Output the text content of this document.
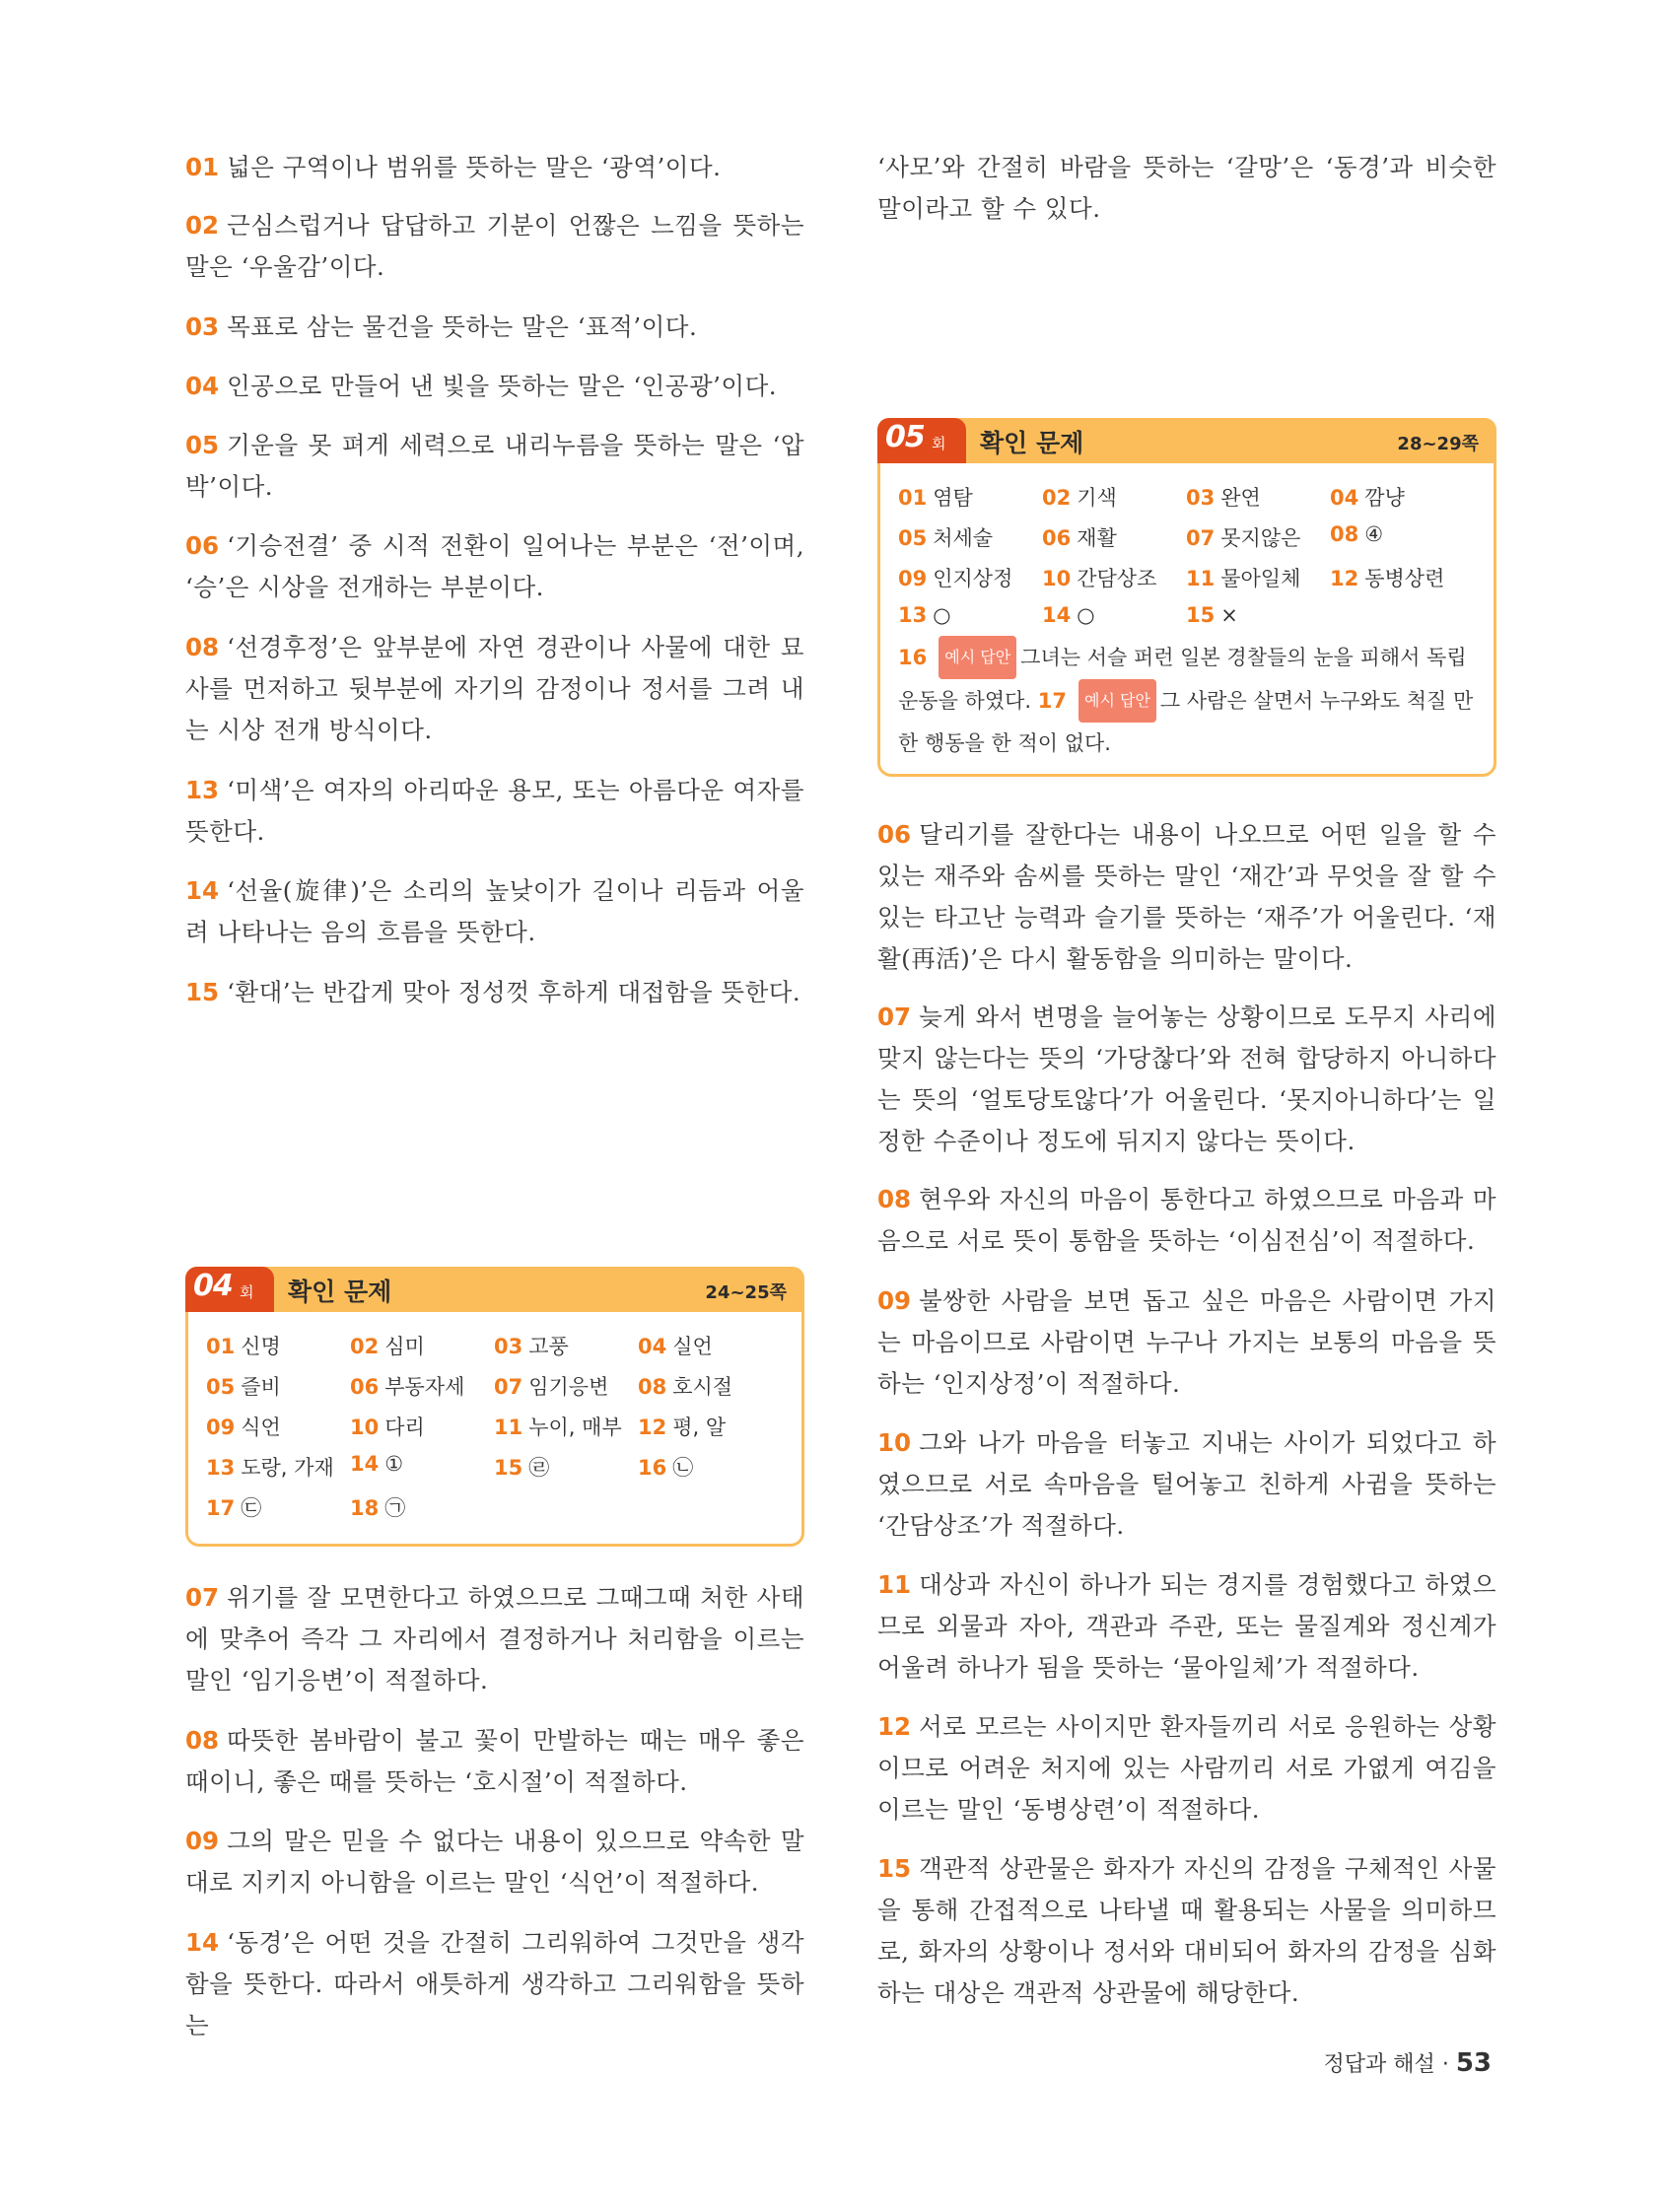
01 넓은 구역이나 범위를 뜻하는 말은 ‘광역’이다.
02 근심스럽거나 답답하고 기분이 언짢은 느낌을 뜻하는 말은 ‘우울감’이다.
03 목표로 삼는 물건을 뜻하는 말은 ‘표적’이다.
04 인공으로 만들어 낸 빛을 뜻하는 말은 ‘인공광’이다.
05 기운을 못 펴게 세력으로 내리누름을 뜻하는 말은 ‘압박’이다.
06 ‘기승전결’ 중 시적 전환이 일어나는 부분은 ‘전’이며, ‘승’은 시상을 전개하는 부분이다.
08 ‘선경후정’은 앞부분에 자연 경관이나 사물에 대한 묘사를 먼저하고 뒷부분에 자기의 감정이나 정서를 그려 내는 시상 전개 방식이다.
13 ‘미색’은 여자의 아리따운 용모, 또는 아름다운 여자를 뜻한다.
14 ‘선율(旋律)’은 소리의 높낮이가 길이나 리듬과 어울려 나타나는 음의 흐름을 뜻한다.
15 ‘환대’는 반갑게 맞아 정성껏 후하게 대접함을 뜻한다.
04 회 확인 문제	24~25쪽
01 신명	02 심미	03 고풍	04 실언
05 즐비	06 부동자세 07 임기응변 08 호시절
09 식언	10 다리	11 누이, 매부 12 평, 알
13 도랑, 가재 14 ①	15 ㉣	16 ㉡
17 ㉢	18 ㉠
07 위기를 잘 모면한다고 하였으므로 그때그때 처한 사태에 맞추어 즉각 그 자리에서 결정하거나 처리함을 이르는 말인 ‘임기응변’이 적절하다.
08 따뜻한 봄바람이 불고 꽃이 만발하는 때는 매우 좋은 때이니, 좋은 때를 뜻하는 ‘호시절’이 적절하다.
09 그의 말은 믿을 수 없다는 내용이 있으므로 약속한 말대로 지키지 아니함을 이르는 말인 ‘식언’이 적절하다.
14 ‘동경’은 어떤 것을 간절히 그리워하여 그것만을 생각함을 뜻한다. 따라서 애틋하게 생각하고 그리워함을 뜻하는
‘사모’와 간절히 바람을 뜻하는 ‘갈망’은 ‘동경’과 비슷한 말이라고 할 수 있다.
05 회 확인 문제	28~29쪽
01 염탐	02 기색	03 완연	04 깜냥
05 처세술 06 재활	07 못지않은 08 ④
09 인지상정 10 간담상조 11 물아일체 12 동병상련
13 ○	14 ○	15 ×
16 예시 답안 그녀는 서슬 퍼런 일본 경찰들의 눈을 피해서 독립 운동을 하였다. 17 예시 답안 그 사람은 살면서 누구와도 척질 만한 행동을 한 적이 없다.
06 달리기를 잘한다는 내용이 나오므로 어떤 일을 할 수 있는 재주와 솜씨를 뜻하는 말인 ‘재간’과 무엇을 잘 할 수 있는 타고난 능력과 슬기를 뜻하는 ‘재주’가 어울린다. ‘재활(再活)’은 다시 활동함을 의미하는 말이다.
07 늦게 와서 변명을 늘어놓는 상황이므로 도무지 사리에 맞지 않는다는 뜻의 ‘가당찮다’와 전혀 합당하지 아니하다는 뜻의 ‘얼토당토않다’가 어울린다. ‘못지아니하다’는 일정한 수준이나 정도에 뒤지지 않다는 뜻이다.
08 현우와 자신의 마음이 통한다고 하였으므로 마음과 마음으로 서로 뜻이 통함을 뜻하는 ‘이심전심’이 적절하다.
09 불쌍한 사람을 보면 돕고 싶은 마음은 사람이면 가지는 마음이므로 사람이면 누구나 가지는 보통의 마음을 뜻하는 ‘인지상정’이 적절하다.
10 그와 나가 마음을 터놓고 지내는 사이가 되었다고 하였으므로 서로 속마음을 털어놓고 친하게 사귐을 뜻하는 ‘간담상조’가 적절하다.
11 대상과 자신이 하나가 되는 경지를 경험했다고 하였으므로 외물과 자아, 객관과 주관, 또는 물질계와 정신계가 어울려 하나가 됨을 뜻하는 ‘물아일체’가 적절하다.
12 서로 모르는 사이지만 환자들끼리 서로 응원하는 상황이므로 어려운 처지에 있는 사람끼리 서로 가엾게 여김을 이르는 말인 ‘동병상련’이 적절하다.
15 객관적 상관물은 화자가 자신의 감정을 구체적인 사물을 통해 간접적으로 나타낼 때 활용되는 사물을 의미하므로, 화자의 상황이나 정서와 대비되어 화자의 감정을 심화하는 대상은 객관적 상관물에 해당한다.
정답과 해설 · 53
